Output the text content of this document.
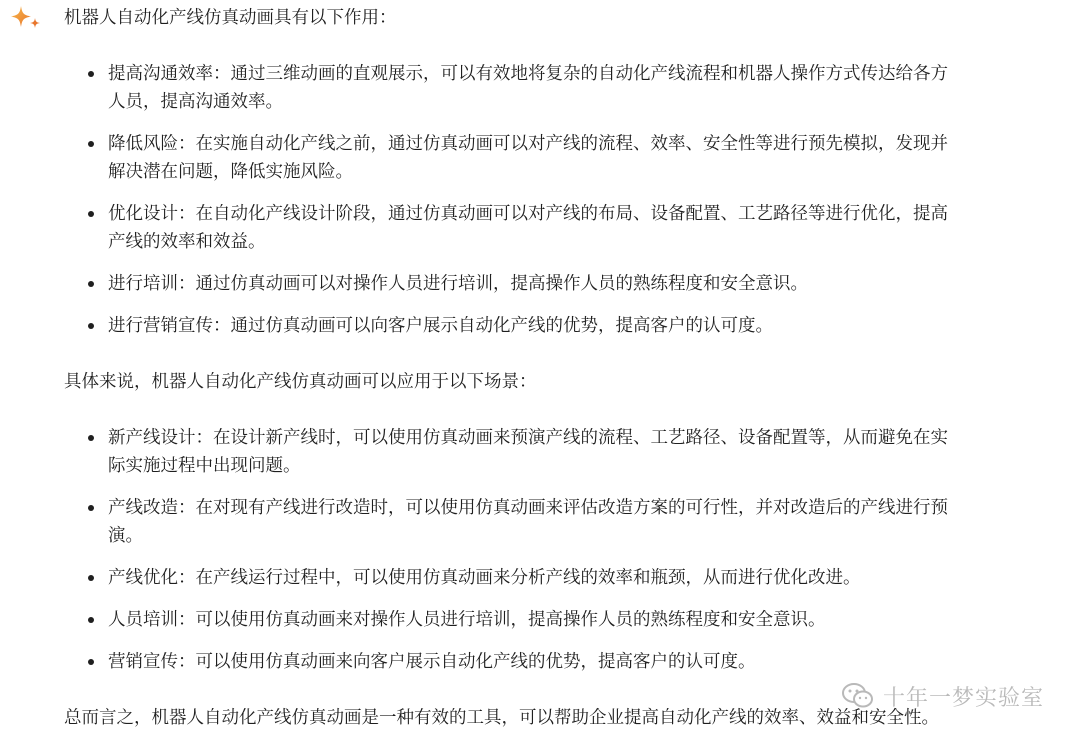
机器人自动化产线仿真动画具有以下作用：

提高沟通效率：通过三维动画的直观展示，可以有效地将复杂的自动化产线流程和机器人操作方式传达给各方
人员，提高沟通效率。
降低风险：在实施自动化产线之前，通过仿真动画可以对产线的流程、效率、安全性等进行预先模拟，发现并
解决潜在问题，降低实施风险。
优化设计：在自动化产线设计阶段，通过仿真动画可以对产线的布局、设备配置、工艺路径等进行优化，提高
产线的效率和效益。
进行培训：通过仿真动画可以对操作人员进行培训，提高操作人员的熟练程度和安全意识。
进行营销宣传：通过仿真动画可以向客户展示自动化产线的优势，提高客户的认可度。

具体来说，机器人自动化产线仿真动画可以应用于以下场景：

新产线设计：在设计新产线时，可以使用仿真动画来预演产线的流程、工艺路径、设备配置等，从而避免在实
际实施过程中出现问题。
产线改造：在对现有产线进行改造时，可以使用仿真动画来评估改造方案的可行性，并对改造后的产线进行预
演。
产线优化：在产线运行过程中，可以使用仿真动画来分析产线的效率和瓶颈，从而进行优化改进。
人员培训：可以使用仿真动画来对操作人员进行培训，提高操作人员的熟练程度和安全意识。
营销宣传：可以使用仿真动画来向客户展示自动化产线的优势，提高客户的认可度。

总而言之，机器人自动化产线仿真动画是一种有效的工具，可以帮助企业提高自动化产线的效率、效益和安全性。

十年一梦实验室
